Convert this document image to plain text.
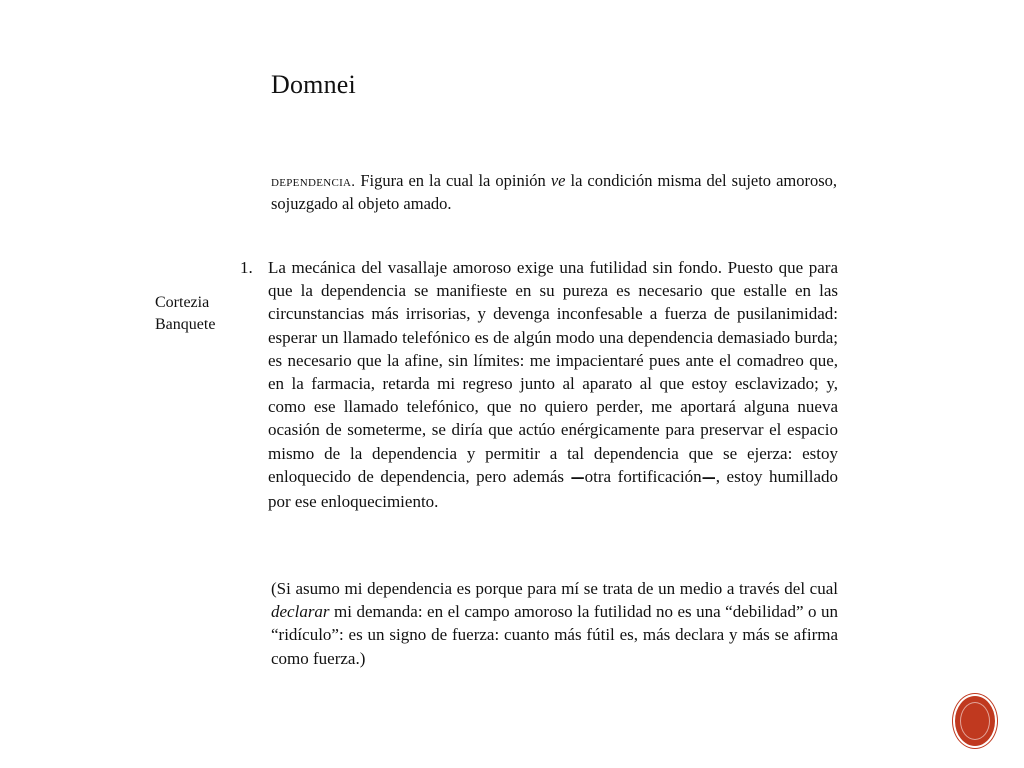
Domnei
dependencia. Figura en la cual la opinión ve la condición misma del sujeto amoroso, sojuzgado al objeto amado.
Cortezia
Banquete
1. La mecánica del vasallaje amoroso exige una futilidad sin fondo. Puesto que para que la dependencia se manifieste en su pureza es necesario que estalle en las circunstancias más irrisorias, y devenga inconfesable a fuerza de pusilanimidad: esperar un llamado telefónico es de algún modo una dependencia demasiado burda; es necesario que la afine, sin límites: me impacientaré pues ante el comadreo que, en la farmacia, retarda mi regreso junto al aparato al que estoy esclavizado; y, como ese llamado telefónico, que no quiero perder, me aportará alguna nueva ocasión de someterme, se diría que actúo enérgicamente para preservar el espacio mismo de la dependencia y permitir a tal dependencia que se ejerza: estoy enloquecido de dependencia, pero además —otra fortificación—, estoy humillado por ese enloquecimiento.
(Si asumo mi dependencia es porque para mí se trata de un medio a través del cual declarar mi demanda: en el campo amoroso la futilidad no es una “debilidad” o un “ridículo”: es un signo de fuerza: cuanto más fútil es, más declara y más se afirma como fuerza.)
